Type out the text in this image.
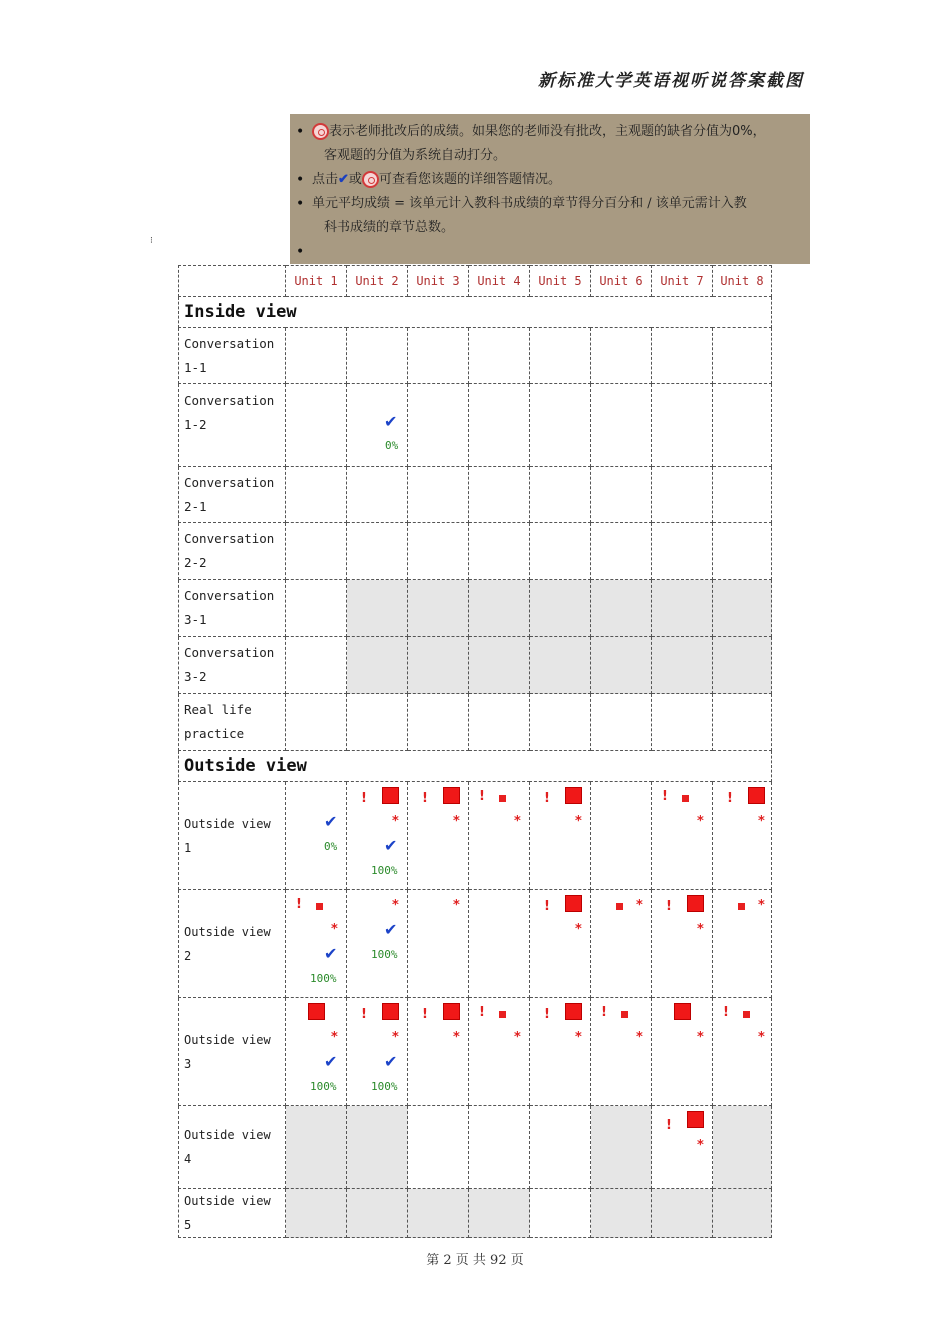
新标准大学英语视听说答案截图
⁝
• 表示老师批改后的成绩。如果您的老师没有批改，主观题的缺省分值为0%，
客观题的分值为系统自动打分。
• 点击✔或 可查看您该题的详细答题情况。
• 单元平均成绩 = 该单元计入教科书成绩的章节得分百分和 / 该单元需计入教
科书成绩的章节总数。
•
	Unit 1	Unit 2	Unit 3	Unit 4	Unit 5	Unit 6	Unit 7	Unit 8
Inside view								
Conversation
1-1								
Conversation
1-2		✔
0%						

Conversation
2-1								
Conversation
2-2								
Conversation
3-1								
Conversation
3-2								
Real life
practice								
Outside view								
Outside view 1	✔
0%	!
*
✔
100%	!
*	!
*	!
*		!
*	!
*

Outside view 2	!
*
✔
100%	*
✔
100%	*		!
*	*	!
*	*

Outside view 3	*
✔
100%	!
*
✔
100%	!
*	!
*	!
*	!
*	*	!
*

Outside view 4							!
*	

Outside view 5								
第 2 页 共 92 页
